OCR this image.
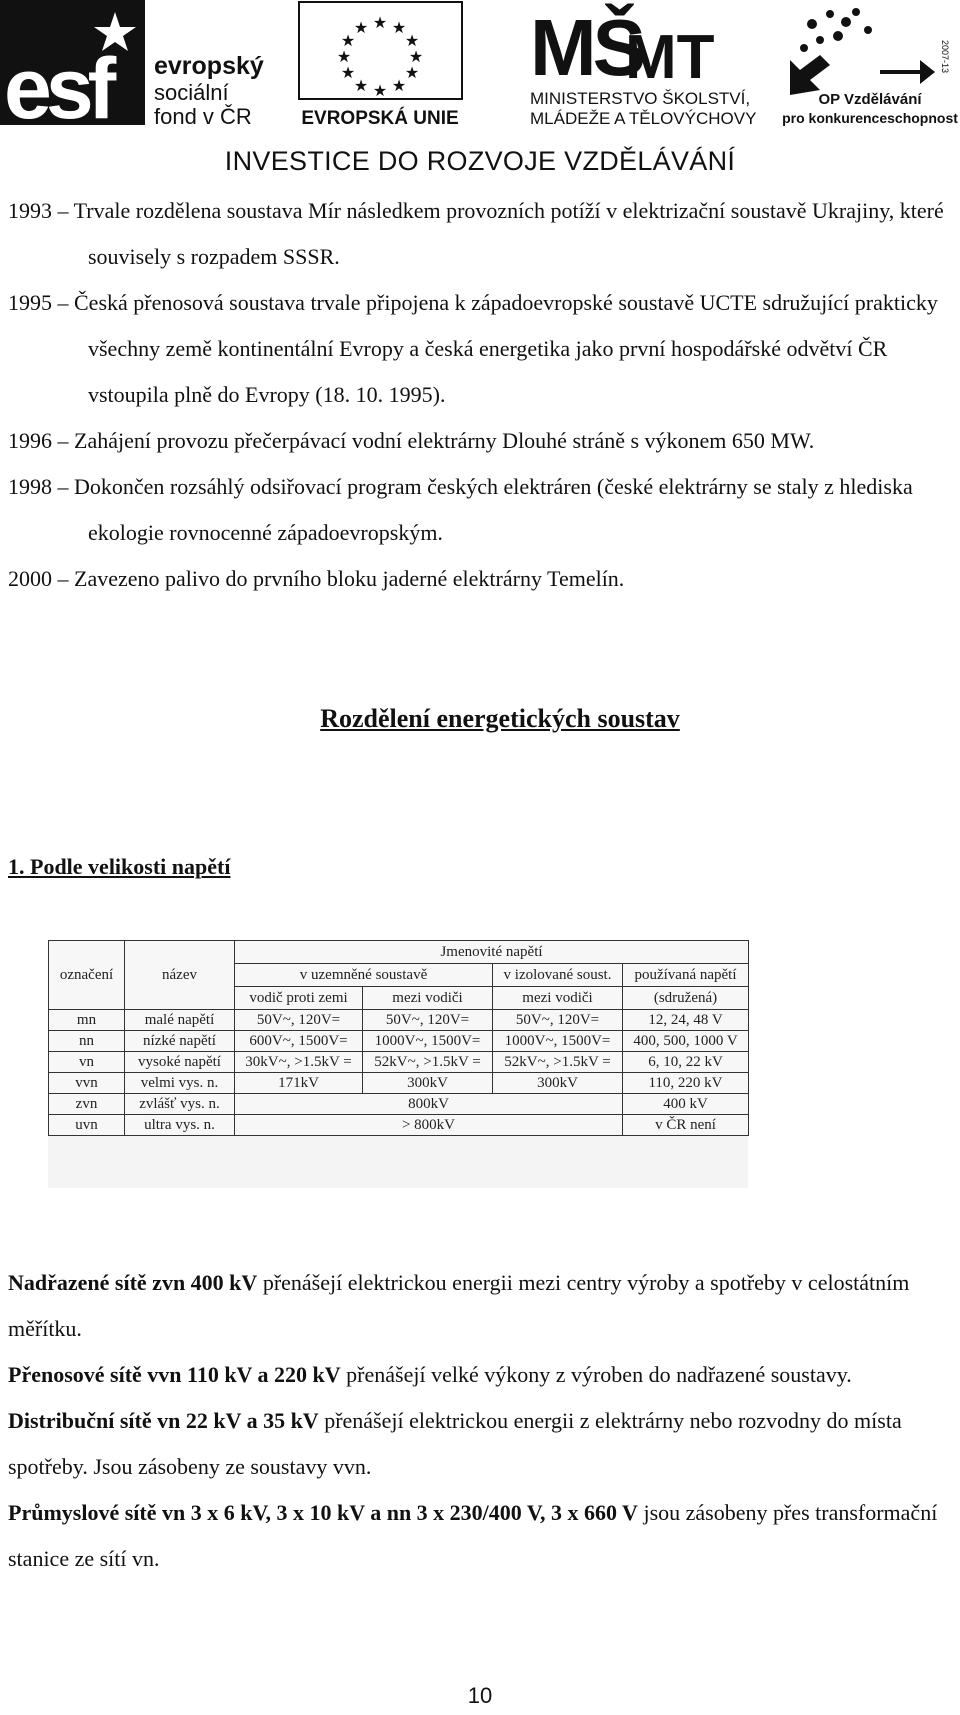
esf evropský
sociální
fond v ČR
★ ★
★
★
★
★
★
★
★
★
★
★
EVROPSKÁ UNIE
MŠ
MT
MINISTERSTVO ŠKOLSTVÍ,
MLÁDEŽE A TĚLOVÝCHOVY
2007-13
OP Vzdělávání
pro konkurenceschopnost
INVESTICE DO ROZVOJE VZDĚLÁVÁNÍ

1993 – Trvale rozdělena soustava Mír následkem provozních potíží v elektrizační soustavě Ukrajiny, které souvisely s rozpadem SSSR.

1995 – Česká přenosová soustava trvale připojena k západoevropské soustavě UCTE sdružující prakticky všechny země kontinentální Evropy a česká energetika jako první hospodářské odvětví ČR vstoupila plně do Evropy (18. 10. 1995).

1996 – Zahájení provozu přečerpávací vodní elektrárny Dlouhé stráně s výkonem 650 MW.

1998 – Dokončen rozsáhlý odsiřovací program českých elektráren (české elektrárny se staly z hlediska ekologie rovnocenné západoevropským.

2000 – Zavezeno palivo do prvního bloku jaderné elektrárny Temelín.

Rozdělení energetických soustav
1. Podle velikosti napětí
označení	název	Jmenovité napětí			
		v uzemněné soustavě		v izolované soust.	používaná napětí
		vodič proti zemi	mezi vodiči	mezi vodiči	(sdružená)
mn	malé napětí	50V~, 120V=	50V~, 120V=	50V~, 120V=	12, 24, 48 V
nn	nízké napětí	600V~, 1500V=	1000V~, 1500V=	1000V~, 1500V=	400, 500, 1000 V
vn	vysoké napětí	30kV~, >1.5kV =	52kV~, >1.5kV =	52kV~, >1.5kV =	6, 10, 22 kV
vvn	velmi vys. n.	171kV	300kV	300kV	110, 220 kV
zvn	zvlášť vys. n.	800kV			400 kV
uvn	ultra vys. n.	> 800kV			v ČR není

Nadřazené sítě zvn 400 kV přenášejí elektrickou energii mezi centry výroby a spotřeby v celostátním měřítku.

Přenosové sítě vvn 110 kV a 220 kV přenášejí velké výkony z výroben do nadřazené soustavy.

Distribuční sítě vn 22 kV a 35 kV přenášejí elektrickou energii z elektrárny nebo rozvodny do místa spotřeby. Jsou zásobeny ze soustavy vvn.

Průmyslové sítě vn 3 x 6 kV, 3 x 10 kV a nn 3 x 230/400 V, 3 x 660 V jsou zásobeny přes transformační stanice ze sítí vn.

10
